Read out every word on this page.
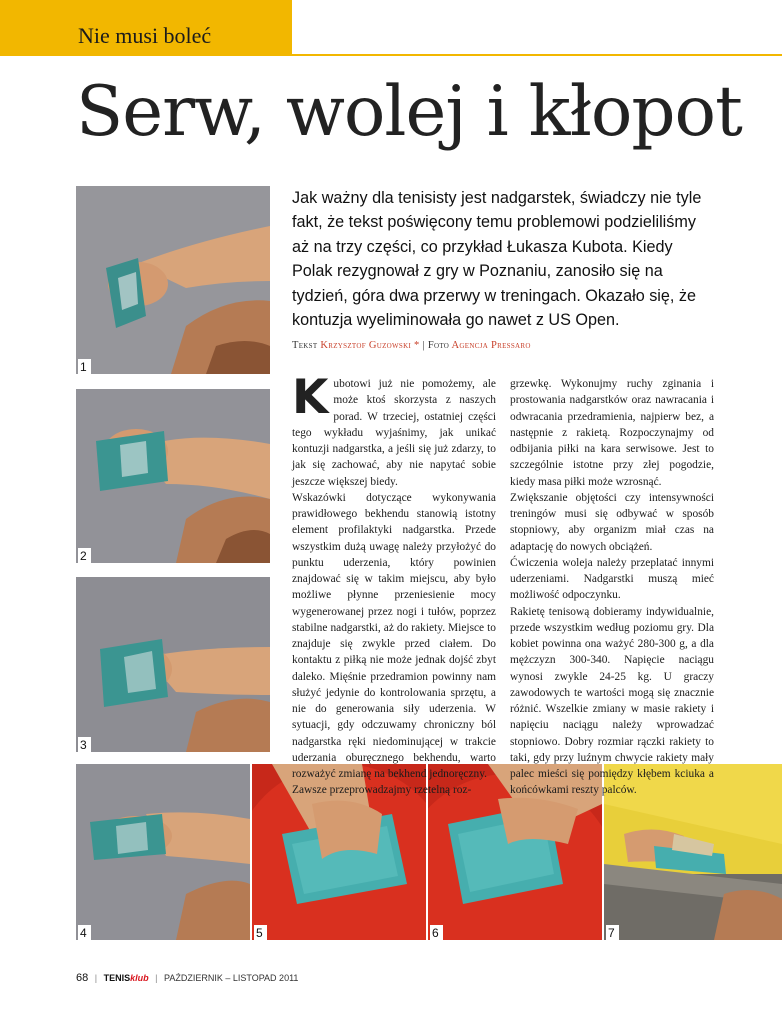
Nie musi boleć
Serw, wolej i kłopot
1
2
3
4	5	6	7
Jak ważny dla tenisisty jest nadgarstek, świadczy nie tyle fakt, że tekst poświęcony temu problemowi podzieliliśmy aż na trzy części, co przykład Łukasza Kubota. Kiedy Polak rezygnował z gry w Poznaniu, zanosiło się na tydzień, góra dwa przerwy w treningach. Okazało się, że kontuzja wyeliminowała go nawet z US Open.
Tekst Krzysztof Guzowski * | Foto Agencja Pressaro

Kubotowi już nie pomożemy, ale może ktoś skorzysta z naszych porad. W trzeciej, ostatniej części tego wykładu wyjaśnimy, jak unikać kontuzji nadgarstka, a jeśli się już zdarzy, to jak się zachować, aby nie napytać sobie jeszcze większej biedy.

Wskazówki dotyczące wykonywania prawidłowego bekhendu stanowią istotny element profilaktyki nadgarstka. Przede wszystkim dużą uwagę należy przyłożyć do punktu uderzenia, który powinien znajdować się w takim miejscu, aby było możliwe płynne przeniesienie mocy wygenerowanej przez nogi i tułów, poprzez stabilne nadgarstki, aż do rakiety. Miejsce to znajduje się zwykle przed ciałem. Do kontaktu z piłką nie może jednak dojść zbyt daleko. Mięśnie przedramion powinny nam służyć jedynie do kontrolowania sprzętu, a nie do generowania siły uderzenia. W sytuacji, gdy odczuwamy chroniczny ból nadgarstka ręki niedominującej w trakcie uderzania oburęcznego bekhendu, warto rozważyć zmianę na bekhend jednoręczny.

Zawsze przeprowadzajmy rzetelną roz-

grzewkę. Wykonujmy ruchy zginania i prostowania nadgarstków oraz nawracania i odwracania przedramienia, najpierw bez, a następnie z rakietą. Rozpoczynajmy od odbijania piłki na kara serwisowe. Jest to szczególnie istotne przy złej pogodzie, kiedy masa piłki może wzrosnąć.

Zwiększanie objętości czy intensywności treningów musi się odbywać w sposób stopniowy, aby organizm miał czas na adaptację do nowych obciążeń.

Ćwiczenia woleja należy przeplatać innymi uderzeniami. Nadgarstki muszą mieć możliwość odpoczynku.

Rakietę tenisową dobieramy indywidualnie, przede wszystkim według poziomu gry. Dla kobiet powinna ona ważyć 280-300 g, a dla mężczyzn 300-340. Napięcie naciągu wynosi zwykle 24-25 kg. U graczy zawodowych te wartości mogą się znacznie różnić. Wszelkie zmiany w masie rakiety i napięciu naciągu należy wprowadzać stopniowo. Dobry rozmiar rączki rakiety to taki, gdy przy luźnym chwycie rakiety mały palec mieści się pomiędzy kłębem kciuka a końcówkami reszty palców.

68 | TENISklub | PAŹDZIERNIK – LISTOPAD 2011
